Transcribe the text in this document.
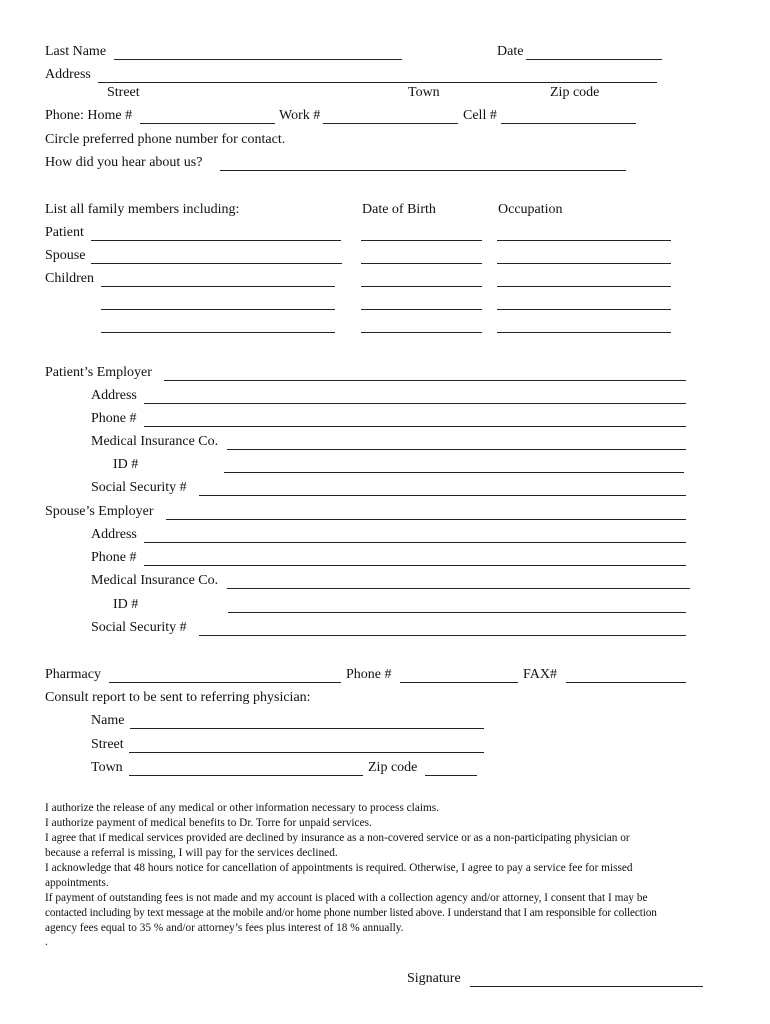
Last Name	Date
Address
Street	Town	Zip code
Phone: Home #	Work #	Cell #
Circle preferred phone number for contact.
How did you hear about us?
List all family members including:	Date of Birth	Occupation
Patient
Spouse
Children
Patient’s Employer
Address
Phone #
Medical Insurance Co.
ID #
Social Security #
Spouse’s Employer
Address
Phone #
Medical Insurance Co.
ID #
Social Security #
Pharmacy	Phone #	FAX#
Consult report to be sent to referring physician:
Name
Street
Town	Zip code
I authorize the release of any medical or other information necessary to process claims.
I authorize payment of medical benefits to Dr. Torre for unpaid services.
I agree that if medical services provided are declined by insurance as a non-covered service or as a non-participating physician or
because a referral is missing, I will pay for the services declined.
I acknowledge that 48 hours notice for cancellation of appointments is required. Otherwise, I agree to pay a service fee for missed
appointments.
If payment of outstanding fees is not made and my account is placed with a collection agency and/or attorney, I consent that I may be
contacted including by text message at the mobile and/or home phone number listed above. I understand that I am responsible for collection
agency fees equal to 35 % and/or attorney’s fees plus interest of 18 % annually.
.
Signature
